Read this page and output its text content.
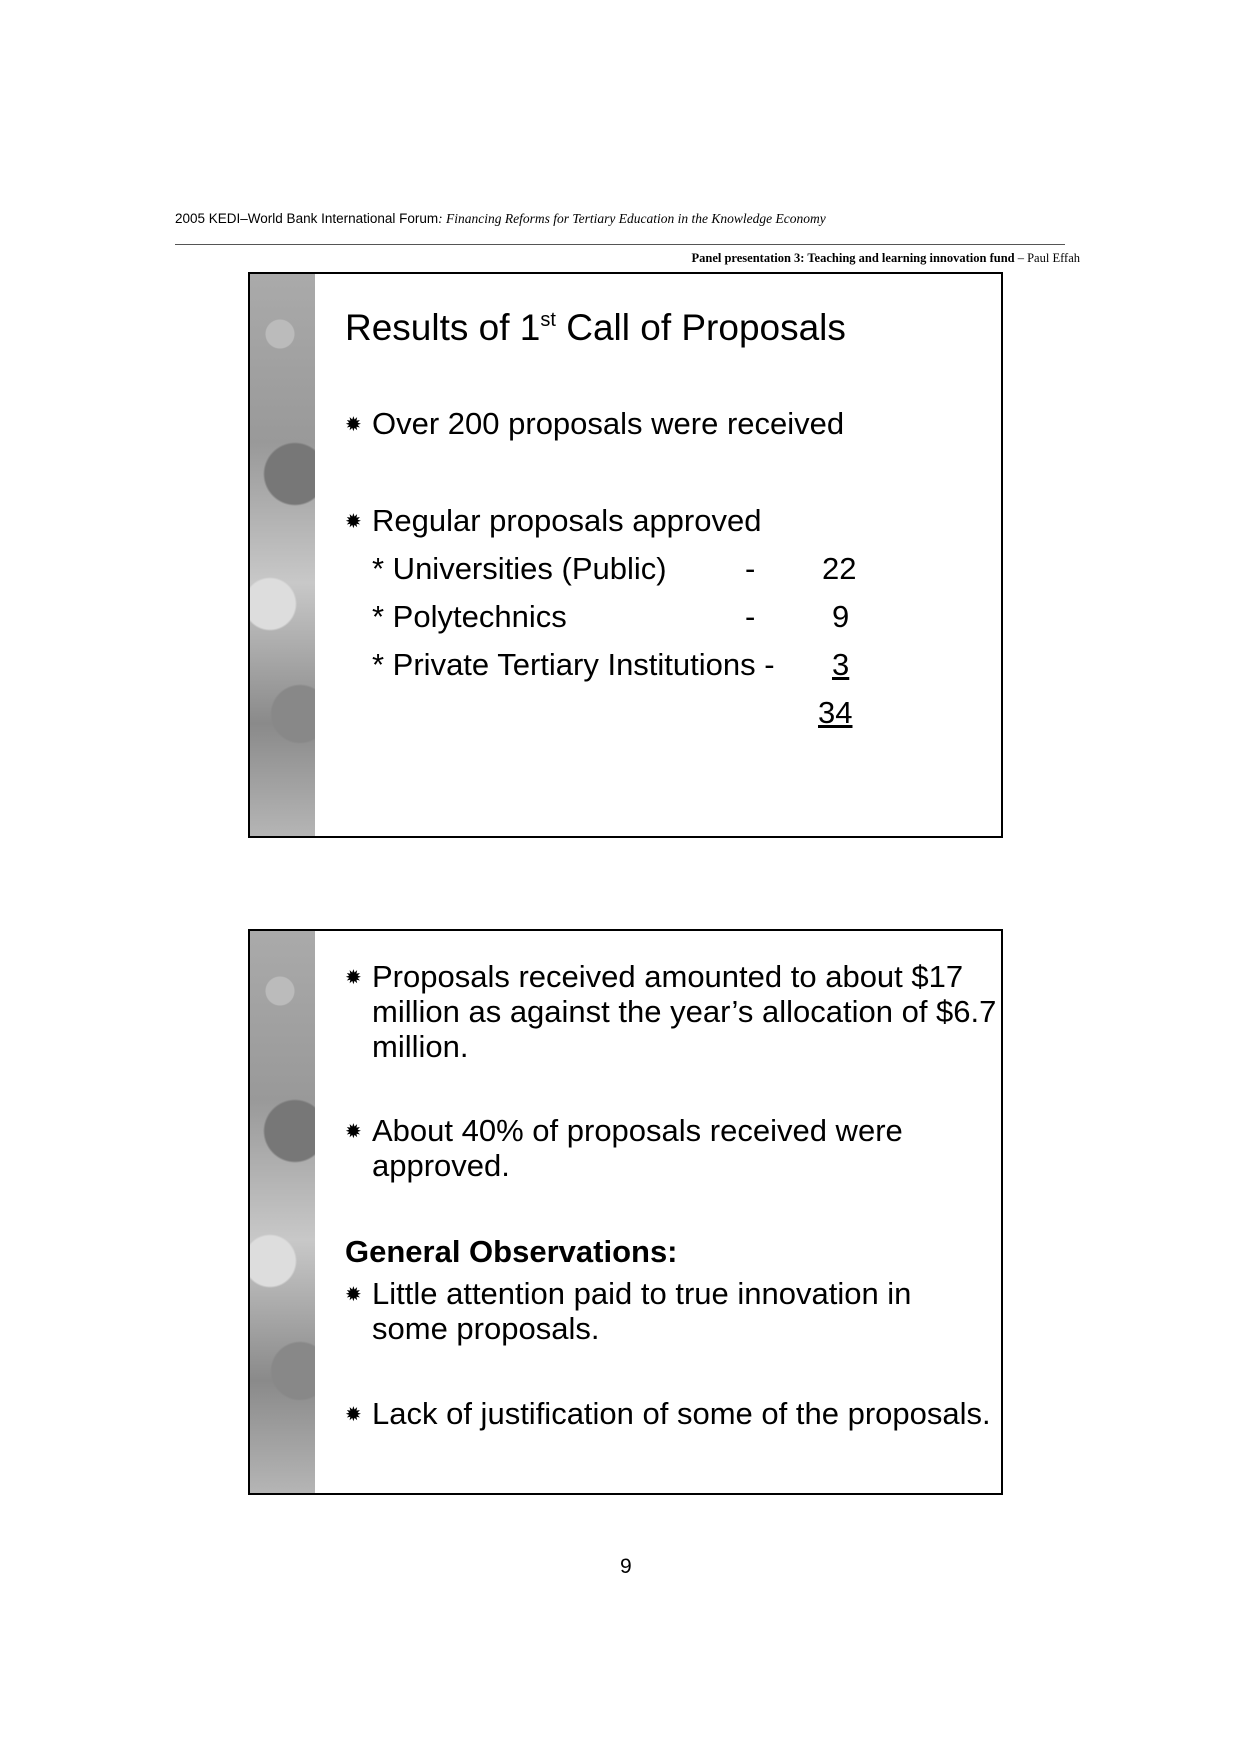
2005 KEDI–World Bank International Forum: Financing Reforms for Tertiary Education in the Knowledge Economy
Panel presentation 3: Teaching and learning innovation fund – Paul Effah
Results of 1st Call of Proposals
✹ Over 200 proposals were received
✹ Regular proposals approved
* Universities (Public)	- 22
* Polytechnics	- 9
* Private Tertiary Institutions -	3
34
✹ Proposals received amounted to about $17
million as against the year’s allocation of $6.7
million.
✹ About 40% of proposals received were
approved.
General Observations:
✹ Little attention paid to true innovation in
some proposals.
✹ Lack of justification of some of the proposals.
9
